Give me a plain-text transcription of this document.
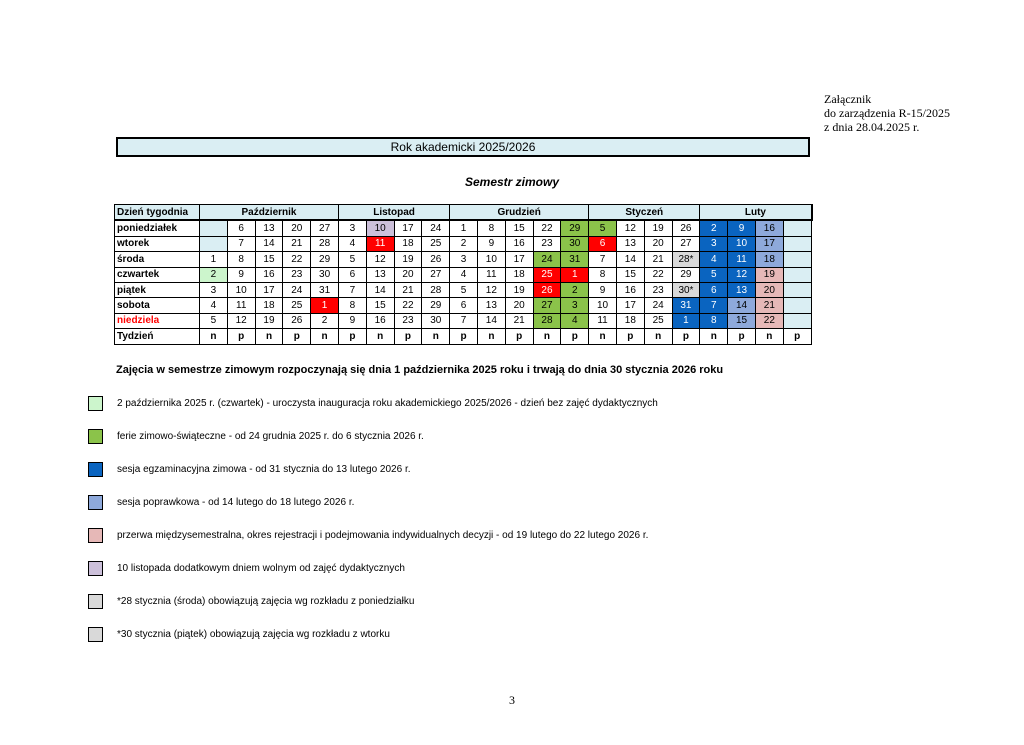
Załącznik
do zarządzenia R-15/2025
z dnia 28.04.2025 r.
Rok akademicki 2025/2026
Semestr zimowy
Dzień tygodnia	Październik					Listopad				Grudzień					Styczeń				Luty				
poniedziałek		6	13	20	27	3	10	17	24	1	8	15	22	29	5	12	19	26	2	9	16		
wtorek		7	14	21	28	4	11	18	25	2	9	16	23	30	6	13	20	27	3	10	17		
środa	1	8	15	22	29	5	12	19	26	3	10	17	24	31	7	14	21	28*	4	11	18		
czwartek	2	9	16	23	30	6	13	20	27	4	11	18	25	1	8	15	22	29	5	12	19		
piątek	3	10	17	24	31	7	14	21	28	5	12	19	26	2	9	16	23	30*	6	13	20		
sobota	4	11	18	25	1	8	15	22	29	6	13	20	27	3	10	17	24	31	7	14	21		
niedziela	5	12	19	26	2	9	16	23	30	7	14	21	28	4	11	18	25	1	8	15	22		
Tydzień	n	p	n	p	n	p	n	p	n	p	n	p	n	p	n	p	n	p	n	p	n	p	
Zajęcia w semestrze zimowym rozpoczynają się dnia 1 października 2025 roku i trwają do dnia 30 stycznia 2026 roku
2 października 2025 r. (czwartek) - uroczysta inauguracja roku akademickiego 2025/2026 - dzień bez zajęć dydaktycznych
ferie zimowo-świąteczne - od 24 grudnia 2025 r. do 6 stycznia 2026 r.
sesja egzaminacyjna zimowa - od 31 stycznia do 13 lutego 2026 r.
sesja poprawkowa - od 14 lutego do 18 lutego 2026 r.
przerwa międzysemestralna, okres rejestracji i podejmowania indywidualnych decyzji - od 19 lutego do 22 lutego 2026 r.
10 listopada dodatkowym dniem wolnym od zajęć dydaktycznych
*28 stycznia (środa) obowiązują zajęcia wg rozkładu z poniedziałku
*30 stycznia (piątek) obowiązują zajęcia wg rozkładu z wtorku
3
